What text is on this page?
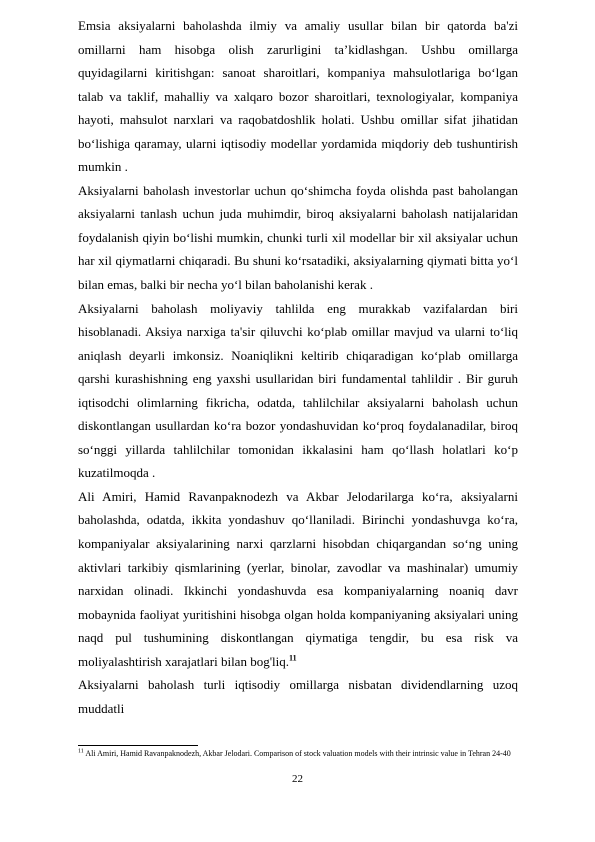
Emsia aksiyalarni baholashda ilmiy va amaliy usullar bilan bir qatorda ba'zi omillarni ham hisobga olish zarurligini ta’kidlashgan. Ushbu omillarga quyidagilarni kiritishgan: sanoat sharoitlari, kompaniya mahsulotlariga boʻlgan talab va taklif, mahalliy va xalqaro bozor sharoitlari, texnologiyalar, kompaniya hayoti, mahsulot narxlari va raqobatdoshlik holati. Ushbu omillar sifat jihatidan boʻlishiga qaramay, ularni iqtisodiy modellar yordamida miqdoriy deb tushuntirish mumkin .

Aksiyalarni baholash investorlar uchun qoʻshimcha foyda olishda past baholangan aksiyalarni tanlash uchun juda muhimdir, biroq aksiyalarni baholash natijalaridan foydalanish qiyin boʻlishi mumkin, chunki turli xil modellar bir xil aksiyalar uchun har xil qiymatlarni chiqaradi. Bu shuni koʻrsatadiki, aksiyalarning qiymati bitta yoʻl bilan emas, balki bir necha yoʻl bilan baholanishi kerak .

Aksiyalarni baholash moliyaviy tahlilda eng murakkab vazifalardan biri hisoblanadi. Aksiya narxiga ta'sir qiluvchi koʻplab omillar mavjud va ularni toʻliq aniqlash deyarli imkonsiz. Noaniqlikni keltirib chiqaradigan koʻplab omillarga qarshi kurashishning eng yaxshi usullaridan biri fundamental tahlildir . Bir guruh iqtisodchi olimlarning fikricha, odatda, tahlilchilar aksiyalarni baholash uchun diskontlangan usullardan koʻra bozor yondashuvidan koʻproq foydalanadilar, biroq soʻnggi yillarda tahlilchilar tomonidan ikkalasini ham qoʻllash holatlari koʻp kuzatilmoqda .

Ali Amiri, Hamid Ravanpaknodezh va Akbar Jelodarilarga koʻra, aksiyalarni baholashda, odatda, ikkita yondashuv qoʻllaniladi. Birinchi yondashuvga koʻra, kompaniyalar aksiyalarining narxi qarzlarni hisobdan chiqargandan soʻng uning aktivlari tarkibiy qismlarining (yerlar, binolar, zavodlar va mashinalar) umumiy narxidan olinadi. Ikkinchi yondashuvda esa kompaniyalarning noaniq davr mobaynida faoliyat yuritishini hisobga olgan holda kompaniyaning aksiyalari uning naqd pul tushumining diskontlangan qiymatiga tengdir, bu esa risk va moliyalashtirish xarajatlari bilan bog'liq.$^{11}$

Aksiyalarni baholash turli iqtisodiy omillarga nisbatan dividendlarning uzoq muddatli

$^{11}$ Ali Amiri, Hamid Ravanpaknodezh, Akbar Jelodari. Comparison of stock valuation models with their intrinsic value in Tehran 24-40
22
